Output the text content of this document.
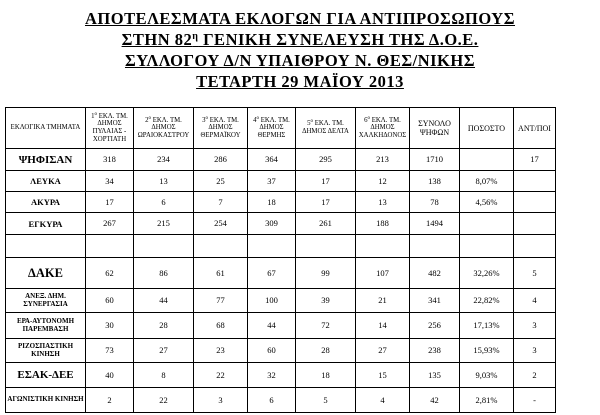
ΑΠΟΤΕΛΕΣΜΑΤΑ ΕΚΛΟΓΩΝ ΓΙΑ ΑΝΤΙΠΡΟΣΩΠΟΥΣ
ΣΤΗΝ $82^\eta$ ΓΕΝΙΚΗ ΣΥΝΕΛΕΥΣΗ ΤΗΣ Δ.Ο.Ε.
ΣΥΛΛΟΓΟΥ Δ/Ν ΥΠΑΙΘΡΟΥ Ν. ΘΕΣ/ΝΙΚΗΣ
ΤΕΤΑΡΤΗ 29 ΜΑΪΟΥ 2013
ΕΚΛΟΓΙΚΑ ΤΜΗΜΑΤΑ	$1^o$ ΕΚΛ. ΤΜ. ΔΗΜΟΣ ΠΥΛΑΙΑΣ - ΧΟΡΤΙΑΤΗ	$2^o$ ΕΚΛ. ΤΜ. ΔΗΜΟΣ ΩΡΑΙΟΚΑΣΤΡΟΥ	$3^o$ ΕΚΛ. ΤΜ. ΔΗΜΟΣ ΘΕΡΜΑΪΚΟΥ	$4^o$ ΕΚΛ. ΤΜ. ΔΗΜΟΣ ΘΕΡΜΗΣ	$5^o$ ΕΚΛ. ΤΜ. ΔΗΜΟΣ ΔΕΛΤΑ	$6^o$ ΕΚΛ. ΤΜ. ΔΗΜΟΣ ΧΑΛΚΗΔΟΝΟΣ	ΣΥΝΟΛΟ ΨΗΦΩΝ	ΠΟΣΟΣΤΟ	ΑΝΤ/ΠΟΙ
ΨΗΦΙΣΑΝ	318	234	286	364	295	213	1710		17
ΛΕΥΚΑ	34	13	25	37	17	12	138	8,07%	
ΑΚΥΡΑ	17	6	7	18	17	13	78	4,56%	
ΕΓΚΥΡΑ	267	215	254	309	261	188	1494		

ΔΑΚΕ	62	86	61	67	99	107	482	32,26%	5
ΑΝΕΞ. ΔΗΜ. ΣΥΝΕΡΓΑΣΙΑ	60	44	77	100	39	21	341	22,82%	4
ΕΡΑ-ΑΥΤΟΝΟΜΗ ΠΑΡΕΜΒΑΣΗ	30	28	68	44	72	14	256	17,13%	3
ΡΙΖΟΣΠΑΣΤΙΚΗ ΚΙΝΗΣΗ	73	27	23	60	28	27	238	15,93%	3
ΕΣΑΚ-ΔΕΕ	40	8	22	32	18	15	135	9,03%	2
ΑΓΩΝΙΣΤΙΚΗ ΚΙΝΗΣΗ	2	22	3	6	5	4	42	2,81%	-
